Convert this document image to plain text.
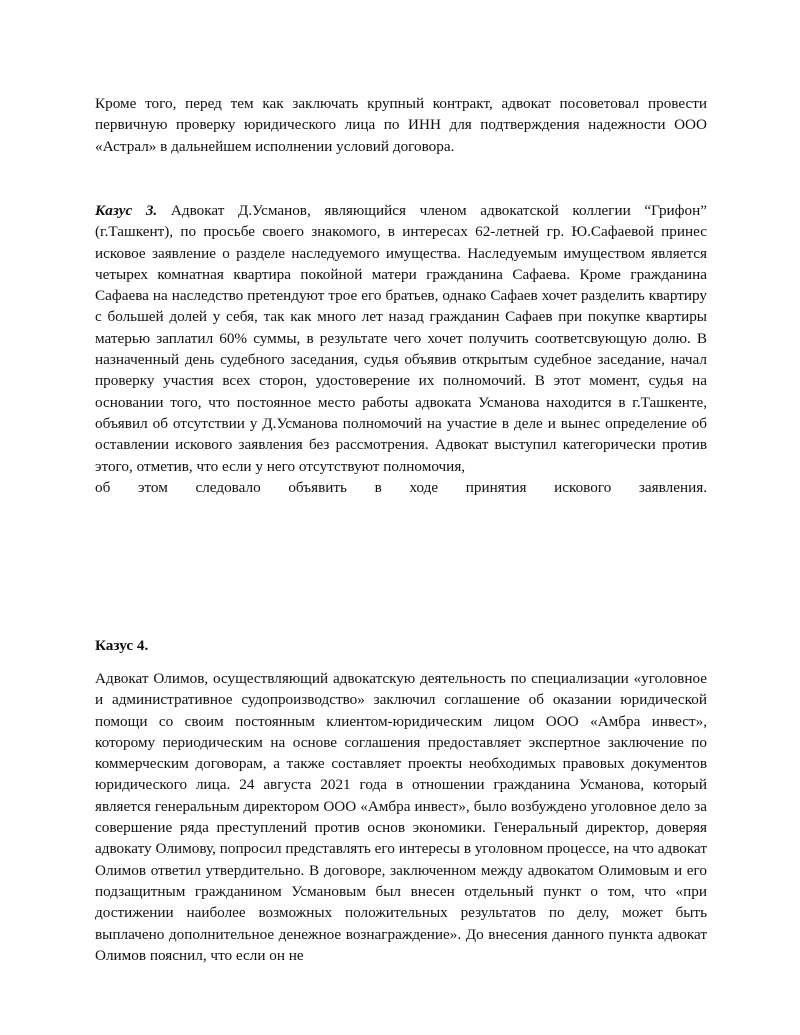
Кроме того, перед тем как заключать крупный контракт, адвокат посоветовал провести первичную проверку юридического лица по ИНН для подтверждения надежности ООО «Астрал» в дальнейшем исполнении условий договора.

Казус 3. Адвокат Д.Усманов, являющийся членом адвокатской коллегии “Грифон” (г.Ташкент), по просьбе своего знакомого, в интересах 62-летней гр. Ю.Сафаевой принес исковое заявление о разделе наследуемого имущества. Наследуемым имуществом является четырех комнатная квартира покойной матери гражданина Сафаева. Кроме гражданина Сафаева на наследство претендуют трое его братьев, однако Сафаев хочет разделить квартиру с большей долей у себя, так как много лет назад гражданин Сафаев при покупке квартиры матерью заплатил 60% суммы, в результате чего хочет получить соответсвующую долю. В назначенный день судебного заседания, судья объявив открытым судебное заседание, начал проверку участия всех сторон, удостоверение их полномочий. В этот момент, судья на основании того, что постоянное место работы адвоката Усманова находится в г.Ташкенте, объявил об отсутствии у Д.Усманова полномочий на участие в деле и вынес определение об оставлении искового заявления без рассмотрения. Адвокат выступил категорически против этого, отметив, что если у него отсутствуют полномочия,
об этом следовало объявить в ходе принятия искового заявления.

Казус 4.

Адвокат Олимов, осуществляющий адвокатскую деятельность по специализации «уголовное и административное судопроизводство» заключил соглашение об оказании юридической помощи со своим постоянным клиентом-юридическим лицом ООО «Амбра инвест», которому периодическим на основе соглашения предоставляет экспертное заключение по коммерческим договорам, а также составляет проекты необходимых правовых документов юридического лица. 24 августа 2021 года в отношении гражданина Усманова, который является генеральным директором ООО «Амбра инвест», было возбуждено уголовное дело за совершение ряда преступлений против основ экономики. Генеральный директор, доверяя адвокату Олимову, попросил представлять его интересы в уголовном процессе, на что адвокат Олимов ответил утвердительно. В договоре, заключенном между адвокатом Олимовым и его подзащитным гражданином Усмановым был внесен отдельный пункт о том, что «при достижении наиболее возможных положительных результатов по делу, может быть выплачено дополнительное денежное вознаграждение». До внесения данного пункта адвокат Олимов пояснил, что если он не
